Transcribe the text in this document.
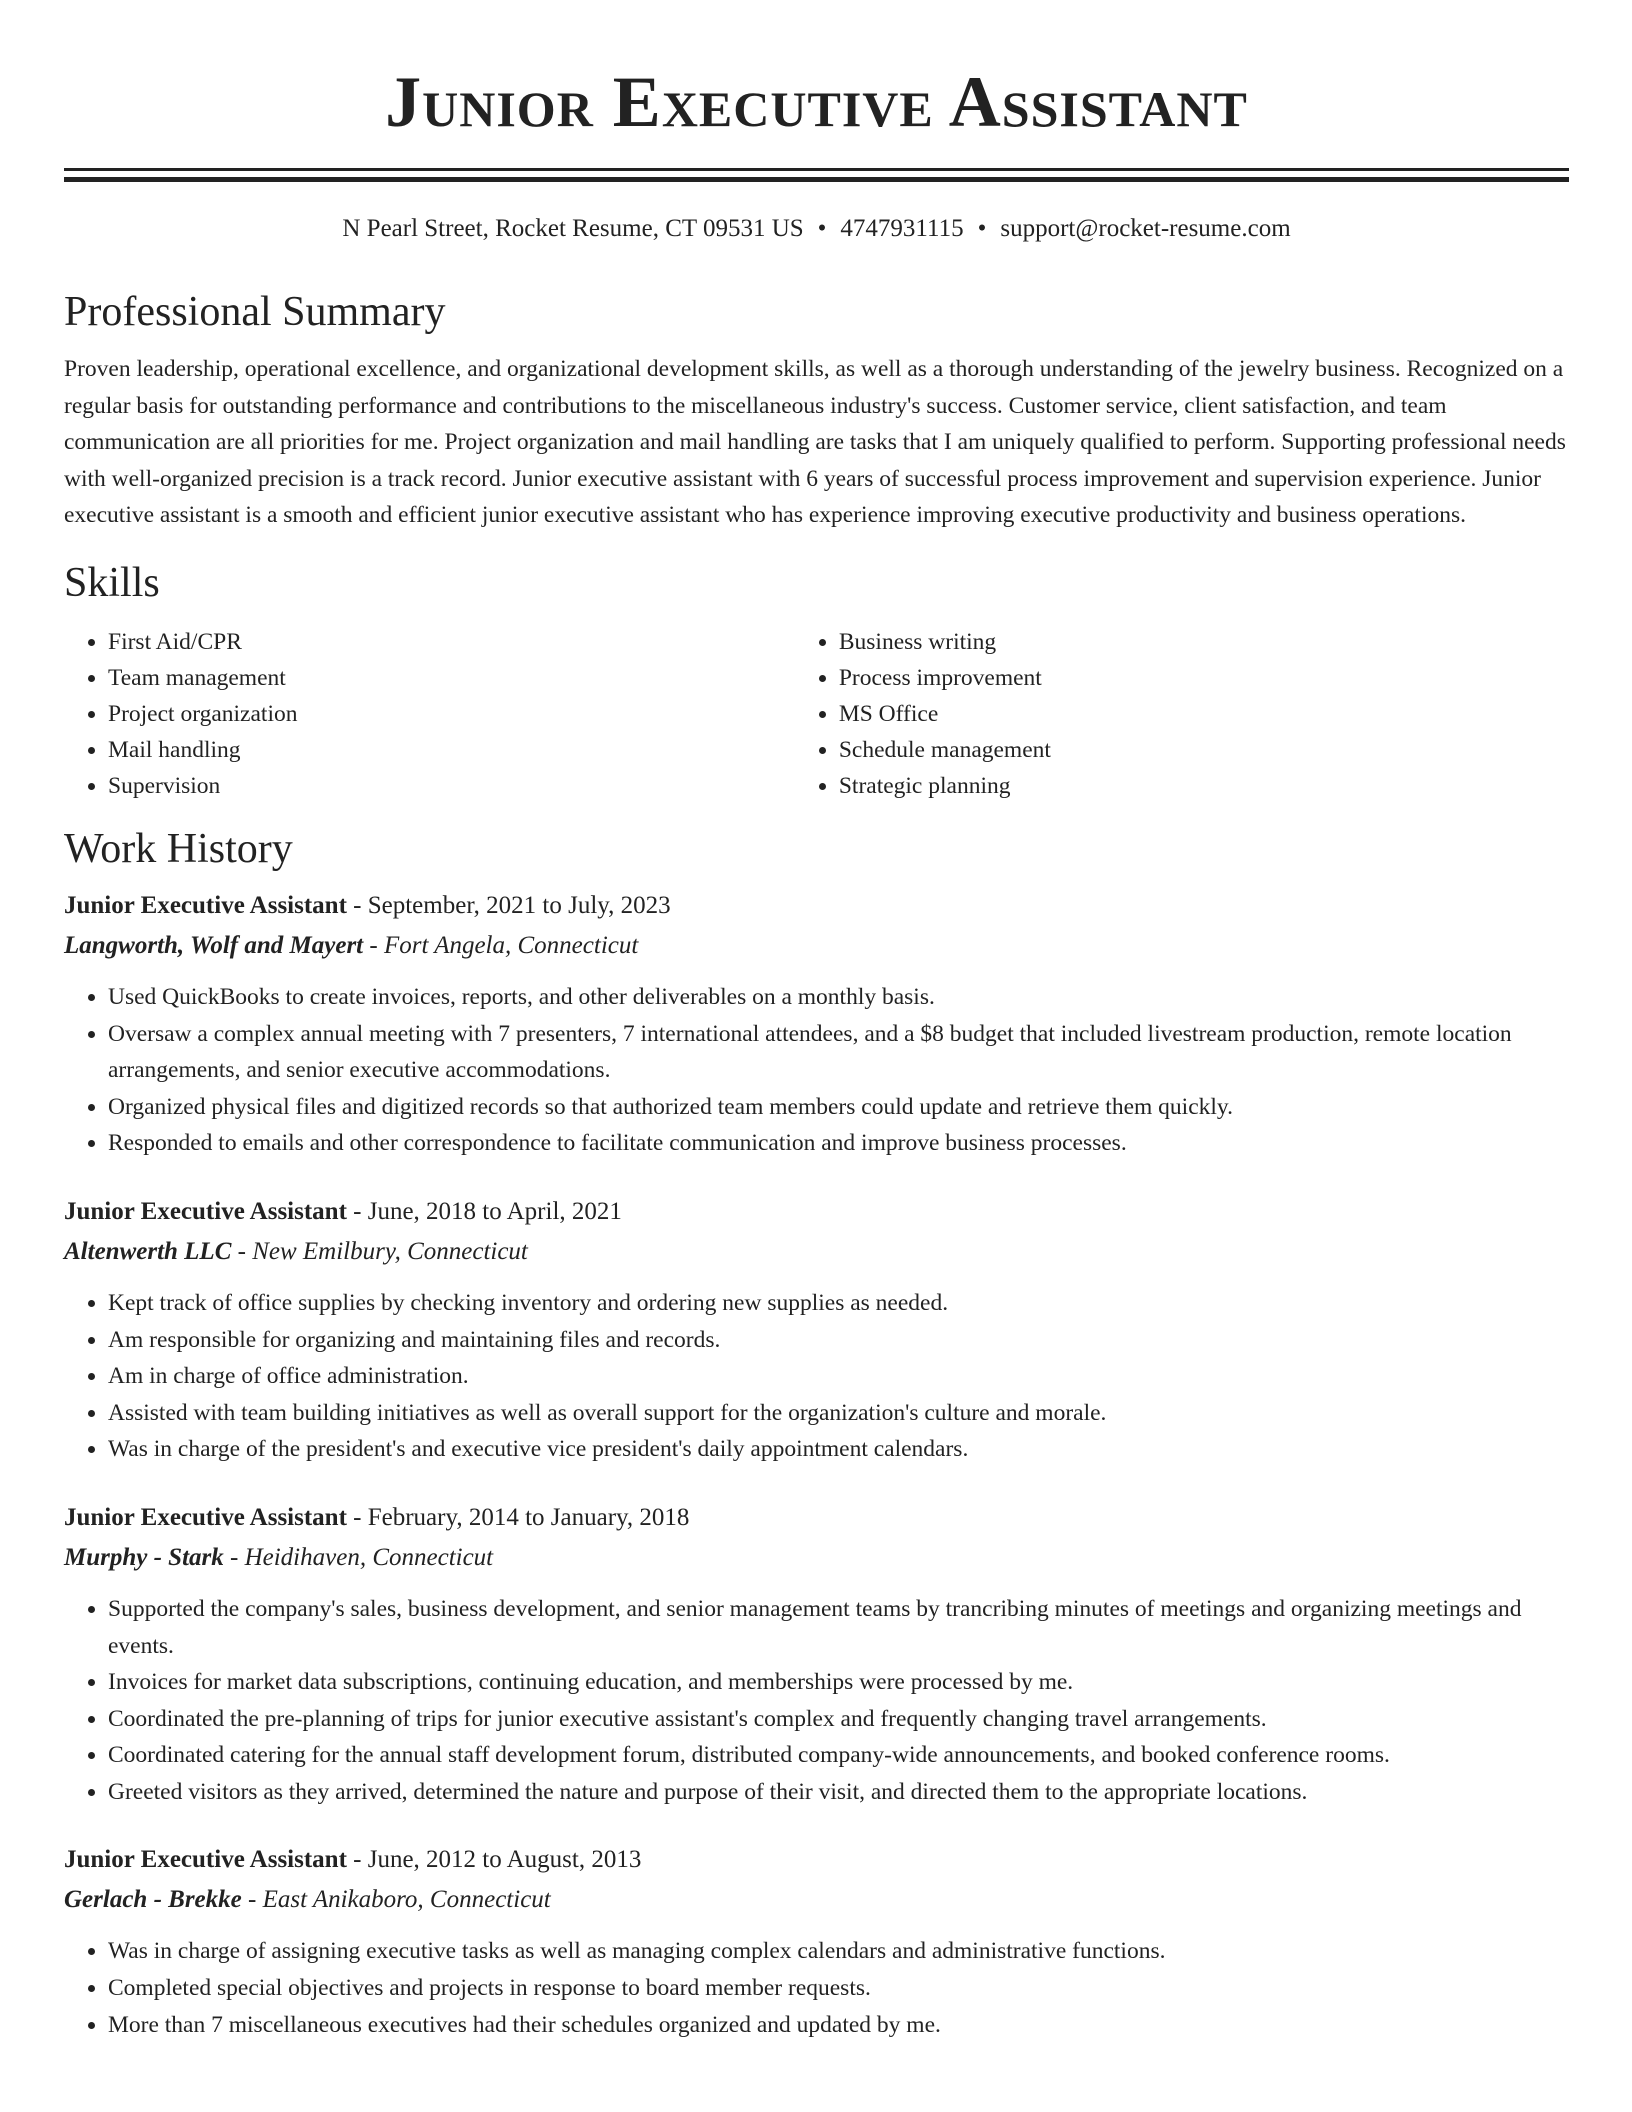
Junior Executive Assistant
N Pearl Street, Rocket Resume, CT 09531 US • 4747931115 • support@rocket-resume.com
Professional Summary
Proven leadership, operational excellence, and organizational development skills, as well as a thorough understanding of the jewelry business. Recognized on a regular basis for outstanding performance and contributions to the miscellaneous industry's success. Customer service, client satisfaction, and team communication are all priorities for me. Project organization and mail handling are tasks that I am uniquely qualified to perform. Supporting professional needs with well-organized precision is a track record. Junior executive assistant with 6 years of successful process improvement and supervision experience. Junior executive assistant is a smooth and efficient junior executive assistant who has experience improving executive productivity and business operations.
Skills
• First Aid/CPR
• Team management
• Project organization
• Mail handling
• Supervision
• Business writing
• Process improvement
• MS Office
• Schedule management
• Strategic planning
Work History
Junior Executive Assistant - September, 2021 to July, 2023
Langworth, Wolf and Mayert - Fort Angela, Connecticut
• Used QuickBooks to create invoices, reports, and other deliverables on a monthly basis.
• Oversaw a complex annual meeting with 7 presenters, 7 international attendees, and a $8 budget that included livestream production, remote location arrangements, and senior executive accommodations.
• Organized physical files and digitized records so that authorized team members could update and retrieve them quickly.
• Responded to emails and other correspondence to facilitate communication and improve business processes.
Junior Executive Assistant - June, 2018 to April, 2021
Altenwerth LLC - New Emilbury, Connecticut
• Kept track of office supplies by checking inventory and ordering new supplies as needed.
• Am responsible for organizing and maintaining files and records.
• Am in charge of office administration.
• Assisted with team building initiatives as well as overall support for the organization's culture and morale.
• Was in charge of the president's and executive vice president's daily appointment calendars.
Junior Executive Assistant - February, 2014 to January, 2018
Murphy - Stark - Heidihaven, Connecticut
• Supported the company's sales, business development, and senior management teams by trancribing minutes of meetings and organizing meetings and events.
• Invoices for market data subscriptions, continuing education, and memberships were processed by me.
• Coordinated the pre-planning of trips for junior executive assistant's complex and frequently changing travel arrangements.
• Coordinated catering for the annual staff development forum, distributed company-wide announcements, and booked conference rooms.
• Greeted visitors as they arrived, determined the nature and purpose of their visit, and directed them to the appropriate locations.
Junior Executive Assistant - June, 2012 to August, 2013
Gerlach - Brekke - East Anikaboro, Connecticut
• Was in charge of assigning executive tasks as well as managing complex calendars and administrative functions.
• Completed special objectives and projects in response to board member requests.
• More than 7 miscellaneous executives had their schedules organized and updated by me.
